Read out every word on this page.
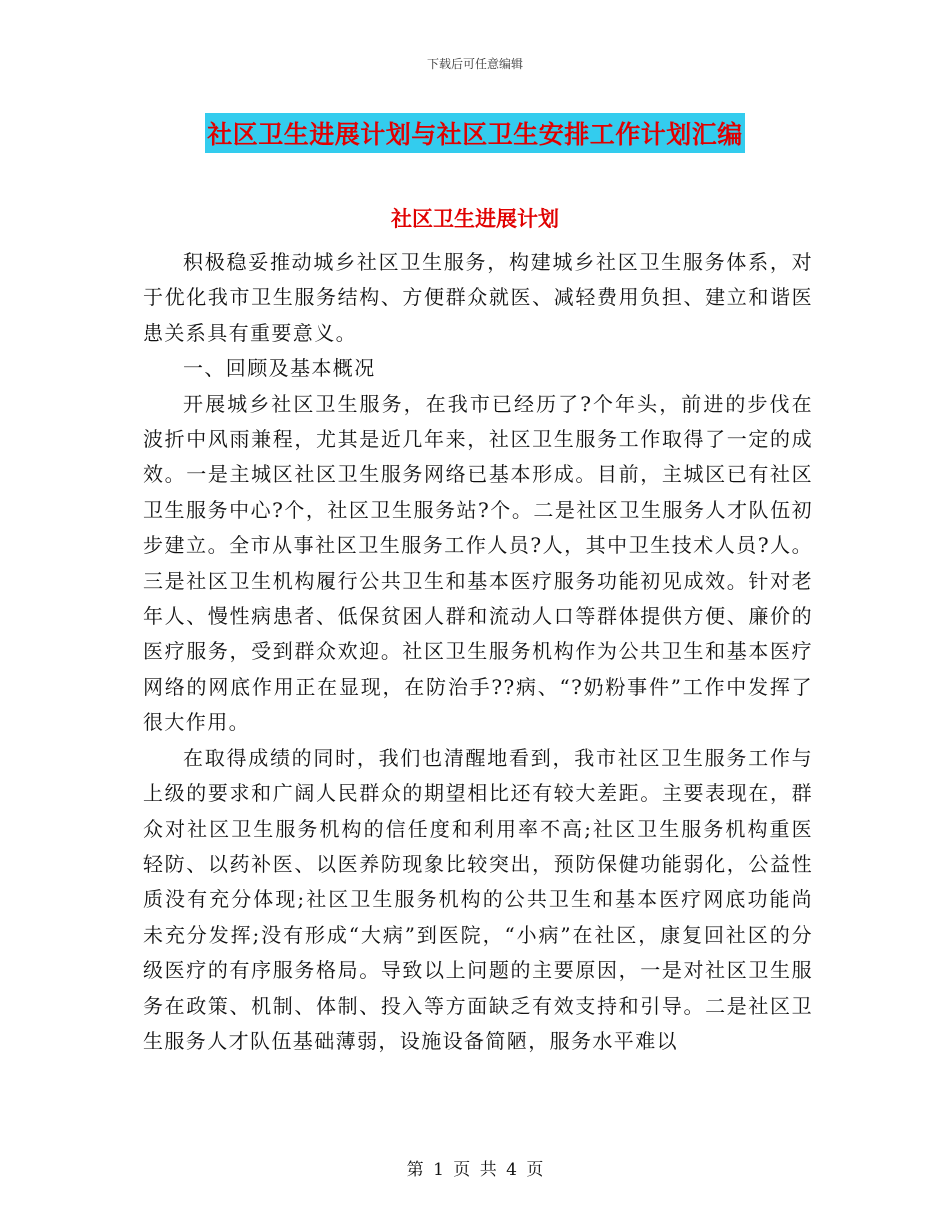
下载后可任意编辑
社区卫生进展计划与社区卫生安排工作计划汇编
社区卫生进展计划

积极稳妥推动城乡社区卫生服务，构建城乡社区卫生服务体系，对于优化我市卫生服务结构、方便群众就医、减轻费用负担、建立和谐医患关系具有重要意义。

一、回顾及基本概况

开展城乡社区卫生服务，在我市已经历了?个年头，前进的步伐在波折中风雨兼程，尤其是近几年来，社区卫生服务工作取得了一定的成效。一是主城区社区卫生服务网络已基本形成。目前，主城区已有社区卫生服务中心?个，社区卫生服务站?个。二是社区卫生服务人才队伍初步建立。全市从事社区卫生服务工作人员?人，其中卫生技术人员?人。三是社区卫生机构履行公共卫生和基本医疗服务功能初见成效。针对老年人、慢性病患者、低保贫困人群和流动人口等群体提供方便、廉价的医疗服务，受到群众欢迎。社区卫生服务机构作为公共卫生和基本医疗网络的网底作用正在显现，在防治手??病、“?奶粉事件”工作中发挥了很大作用。

在取得成绩的同时，我们也清醒地看到，我市社区卫生服务工作与上级的要求和广阔人民群众的期望相比还有较大差距。主要表现在，群众对社区卫生服务机构的信任度和利用率不高;社区卫生服务机构重医轻防、以药补医、以医养防现象比较突出，预防保健功能弱化，公益性质没有充分体现;社区卫生服务机构的公共卫生和基本医疗网底功能尚未充分发挥;没有形成“大病”到医院，“小病”在社区，康复回社区的分级医疗的有序服务格局。导致以上问题的主要原因，一是对社区卫生服务在政策、机制、体制、投入等方面缺乏有效支持和引导。二是社区卫生服务人才队伍基础薄弱，设施设备简陋，服务水平难以

第 1 页 共 4 页
